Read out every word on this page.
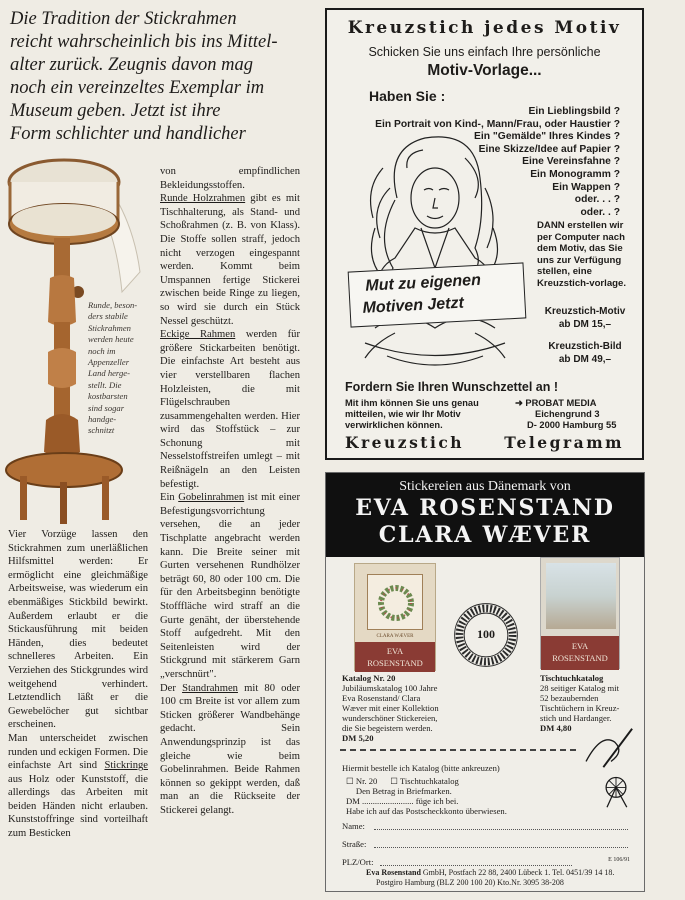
Die Tradition der Stickrahmen
reicht wahrscheinlich bis ins Mittel-
alter zurück. Zeugnis davon mag
noch ein vereinzeltes Exemplar im
Museum geben. Jetzt ist ihre
Form schlichter und handlicher
Runde, beson-
ders stabile
Stickrahmen
werden heute
noch im
Appenzeller
Land herge-
stellt. Die
kostbarsten
sind sogar
handge-
schnitzt

Vier Vorzüge lassen den Stickrahmen zum unerläßlichen Hilfsmittel werden: Er ermöglicht eine gleichmäßige Arbeitsweise, was wiederum ein ebenmäßiges Stickbild bewirkt. Außerdem erlaubt er die Stickausführung mit beiden Händen, dies bedeutet schnelleres Arbeiten. Ein Verziehen des Stickgrundes wird weitgehend verhindert. Letztendlich läßt er die Gewebelöcher gut sichtbar erscheinen.

Man unterscheidet zwischen runden und eckigen Formen. Die einfachste Art sind Stickringe aus Holz oder Kunststoff, die allerdings das Arbeiten mit beiden Händen nicht erlauben. Kunststoffringe sind vorteilhaft zum Besticken

von empfindlichen Bekleidungsstoffen.

Runde Holzrahmen gibt es mit Tischhalterung, als Stand- und Schoßrahmen (z. B. von Klass). Die Stoffe sollen straff, jedoch nicht verzogen eingespannt werden. Kommt beim Umspannen fertige Stickerei zwischen beide Ringe zu liegen, so wird sie durch ein Stück Nessel geschützt.

Eckige Rahmen werden für größere Stickarbeiten benötigt. Die einfachste Art besteht aus vier verstellbaren flachen Holzleisten, die mit Flügelschrauben zusammengehalten werden. Hier wird das Stoffstück – zur Schonung mit Nesselstoffstreifen umlegt – mit Reißnägeln an den Leisten befestigt.

Ein Gobelinrahmen ist mit einer Befestigungsvorrichtung versehen, die an jeder Tischplatte angebracht werden kann. Die Breite seiner mit Gurten versehenen Rundhölzer beträgt 60, 80 oder 100 cm. Die für den Arbeitsbeginn benötigte Stofffläche wird straff an die Gurte genäht, der überstehende Stoff aufgedreht. Mit den Seitenleisten wird der Stickgrund mit stärkerem Garn „verschnürt".

Der Standrahmen mit 80 oder 100 cm Breite ist vor allem zum Sticken größerer Wandbehänge gedacht. Sein Anwendungsprinzip ist das gleiche wie beim Gobelinrahmen. Beide Rahmen können so gekippt werden, daß man an die Rückseite der Stickerei gelangt.

Kreuzstich jedes Motiv
Schicken Sie uns einfach Ihre persönliche
Motiv-Vorlage...
Haben Sie :
Ein Lieblingsbild ?
Ein Portrait von Kind-, Mann/Frau, oder Haustier ?
Ein "Gemälde" Ihres Kindes ?
Eine Skizze/Idee auf Papier ?
Eine Vereinsfahne ?
Ein Monogramm ?
Ein Wappen ?
oder. . . ?
oder. . ?
Mut zu eigenen
Motiven Jetzt
DANN erstellen wir per Computer nach dem Motiv, das Sie uns zur Verfügung stellen, eine Kreuzstich-vorlage.
Kreuzstich-Motiv
ab DM 15,–
Kreuzstich-Bild
ab DM 49,–
Fordern Sie Ihren Wunschzettel an !
Mit ihm können Sie uns genau mitteilen, wie wir Ihr Motiv verwirklichen können.
➜ PROBAT MEDIA
Eichengrund 3
D- 2000 Hamburg 55
Kreuzstich	Telegramm
Stickereien aus Dänemark von
EVA ROSENSTAND
CLARA WÆVER
CLARA WÆVER
EVA
ROSENSTAND
100
EVA
ROSENSTAND
Katalog Nr. 20
Jubiläumskatalog 100 Jahre
Eva Rosenstand/ Clara
Wæver mit einer Kollektion
wunderschöner Stickereien,
die Sie begeistern werden.
DM 5,20
Tischtuchkatalog
28 seitiger Katalog mit
52 bezaubernden
Tischtüchern in Kreuz-
stich und Hardanger.
DM 4,80
Hiermit bestelle ich Katalog (bitte ankreuzen)
☐ Nr. 20 ☐ Tischtuchkatalog
Den Betrag in Briefmarken.
DM ........................ füge ich bei.
Habe ich auf das Postscheckkonto überwiesen.
Name:
Straße:
PLZ/Ort:	E 106/91
Eva Rosenstand GmbH, Postfach 22 88, 2400 Lübeck 1. Tel. 0451/39 14 18.
Postgiro Hamburg (BLZ 200 100 20) Kto.Nr. 3095 38-208
